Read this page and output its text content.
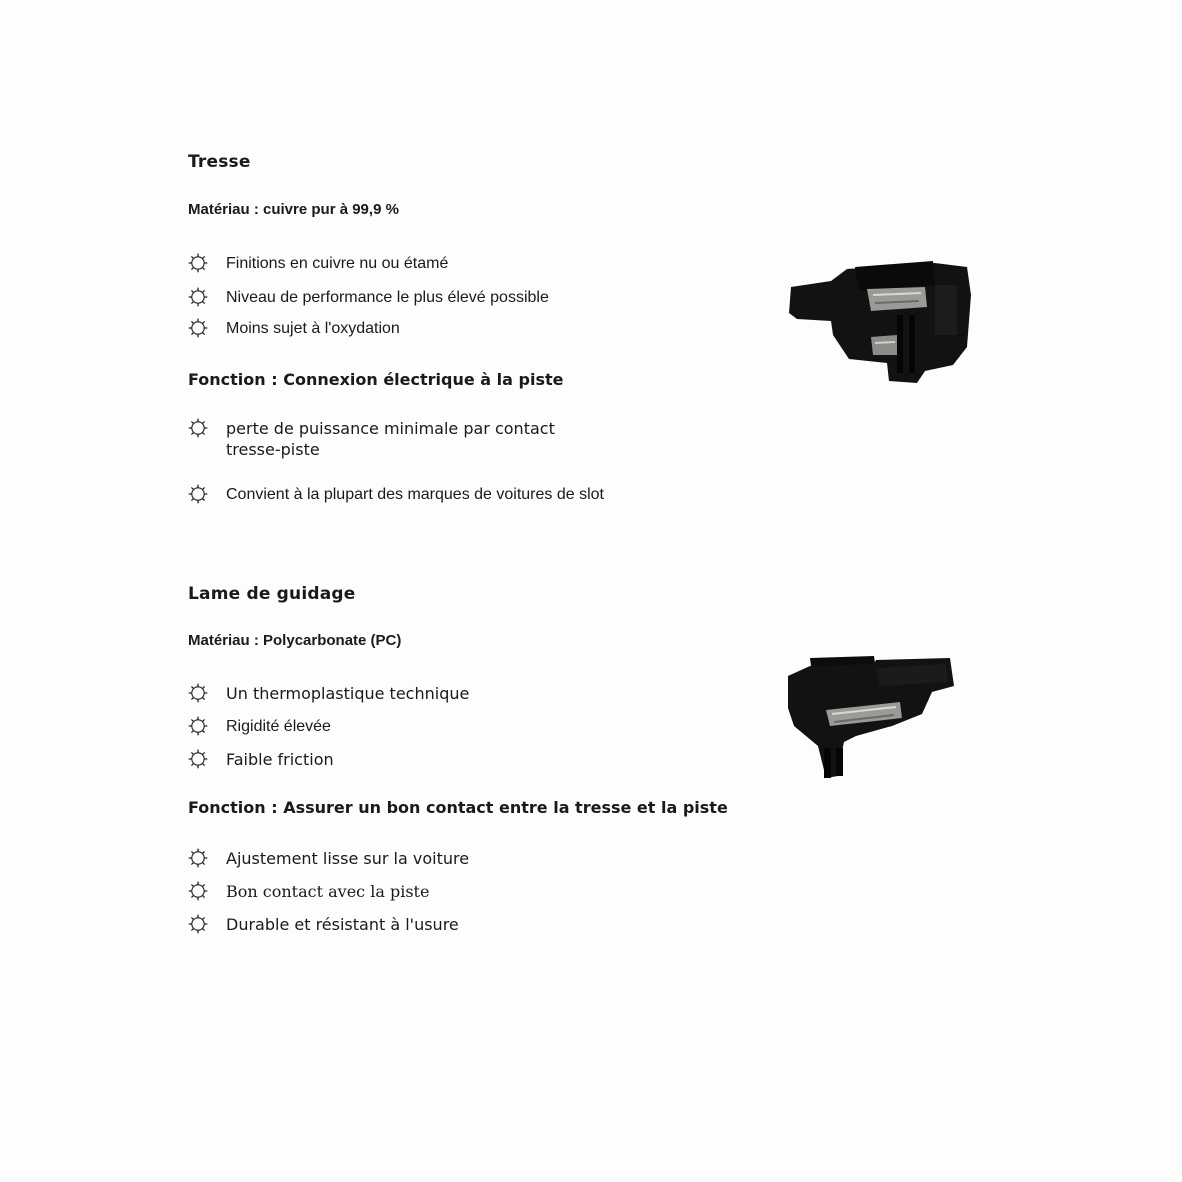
Tresse
Matériau : cuivre pur à 99,9 %
Finitions en cuivre nu ou étamé
Niveau de performance le plus élevé possible
Moins sujet à l'oxydation
Fonction : Connexion électrique à la piste
perte de puissance minimale par contact tresse-piste
Convient à la plupart des marques de voitures de slot
Lame de guidage
Matériau : Polycarbonate (PC)
Un thermoplastique technique
Rigidité élevée
Faible friction
Fonction : Assurer un bon contact entre la tresse et la piste
Ajustement lisse sur la voiture
Bon contact avec la piste
Durable et résistant à l'usure
